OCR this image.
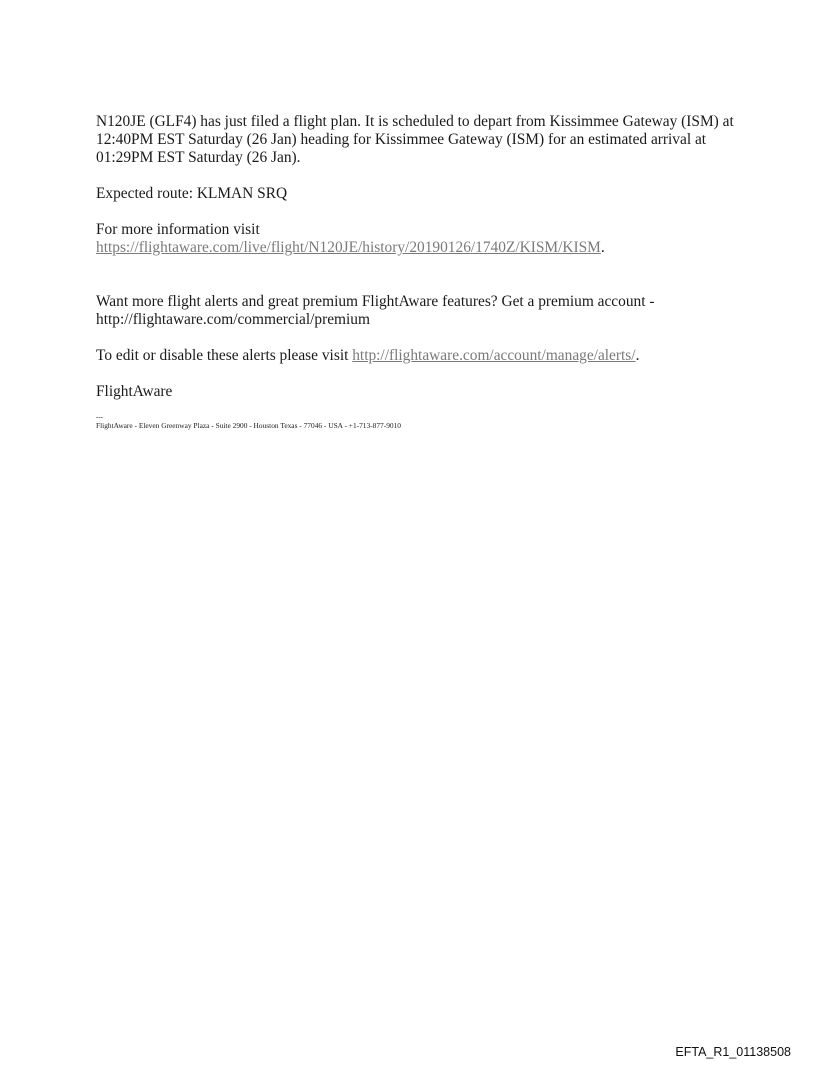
N120JE (GLF4) has just filed a flight plan. It is scheduled to depart from Kissimmee Gateway (ISM) at 12:40PM EST Saturday (26 Jan) heading for Kissimmee Gateway (ISM) for an estimated arrival at 01:29PM EST Saturday (26 Jan).

Expected route: KLMAN SRQ

For more information visit
https://flightaware.com/live/flight/N120JE/history/20190126/1740Z/KISM/KISM.

Want more flight alerts and great premium FlightAware features? Get a premium account - http://flightaware.com/commercial/premium

To edit or disable these alerts please visit http://flightaware.com/account/manage/alerts/.

FlightAware

---
FlightAware - Eleven Greenway Plaza - Suite 2900 - Houston Texas - 77046 - USA - +1-713-877-9010
EFTA_R1_01138508
